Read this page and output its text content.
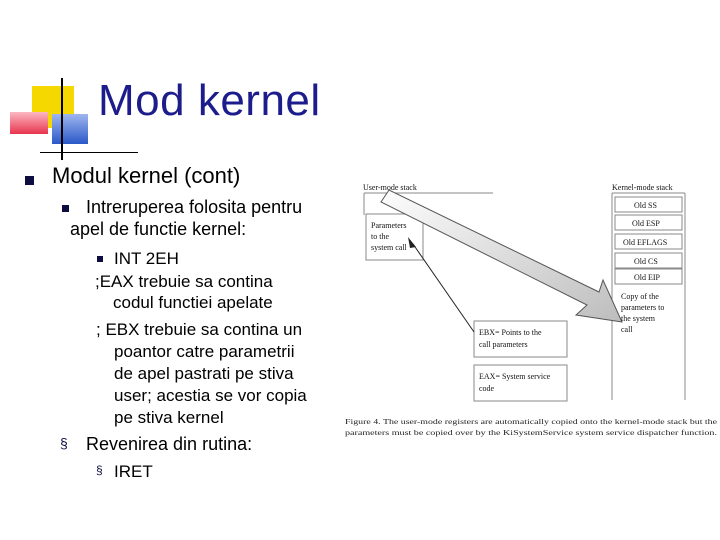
Mod kernel
Modul kernel (cont)
Intreruperea folosita pentru
apel de functie kernel:
INT 2EH
;EAX trebuie sa contina
codul functiei apelate
; EBX trebuie sa contina un
poantor catre parametrii
de apel pastrati pe stiva
user; acestia se vor copia
pe stiva kernel
§ Revenirea din rutina:
§ IRET
User-mode stack	Kernel-mode stack
Parameters
to the
system call
Old SS
Old ESP
Old EFLAGS
Old CS
Old EIP
Copy of the
parameters to
the system
call
EBX= Points to the
call parameters
EAX= System service
code
Figure 4. The user-mode registers are automatically copied onto the kernel-mode stack but the
parameters must be copied over by the KiSystemService system service dispatcher function.
